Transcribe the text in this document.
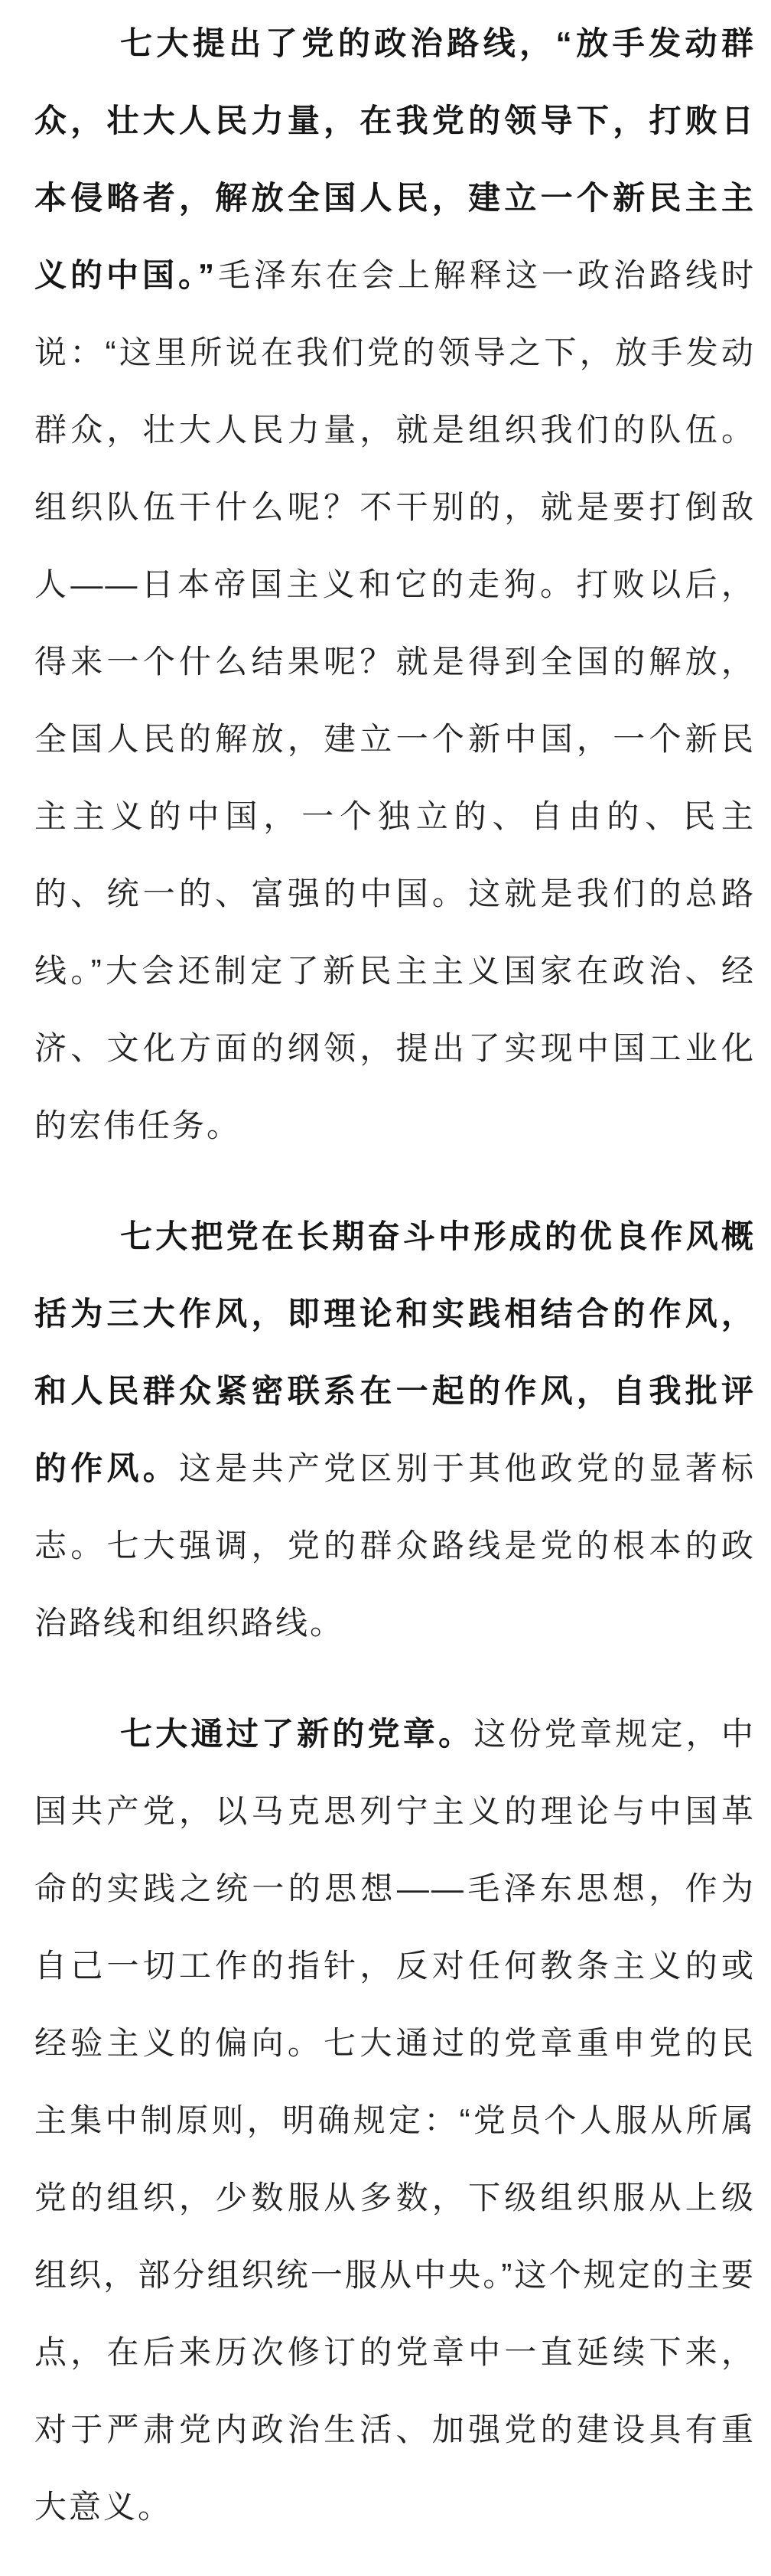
七大提出了党的政治路线，“放手发动群众，壮大人民力量，在我党的领导下，打败日本侵略者，解放全国人民，建立一个新民主主义的中国。”毛泽东在会上解释这一政治路线时说：“这里所说在我们党的领导之下，放手发动群众，壮大人民力量，就是组织我们的队伍。组织队伍干什么呢？不干别的，就是要打倒敌人——日本帝国主义和它的走狗。打败以后，得来一个什么结果呢？就是得到全国的解放，全国人民的解放，建立一个新中国，一个新民主主义的中国，一个独立的、自由的、民主的、统一的、富强的中国。这就是我们的总路线。”大会还制定了新民主主义国家在政治、经济、文化方面的纲领，提出了实现中国工业化的宏伟任务。

七大把党在长期奋斗中形成的优良作风概括为三大作风，即理论和实践相结合的作风，和人民群众紧密联系在一起的作风，自我批评的作风。这是共产党区别于其他政党的显著标志。七大强调，党的群众路线是党的根本的政治路线和组织路线。

七大通过了新的党章。这份党章规定，中国共产党，以马克思列宁主义的理论与中国革命的实践之统一的思想——毛泽东思想，作为自己一切工作的指针，反对任何教条主义的或经验主义的偏向。七大通过的党章重申党的民主集中制原则，明确规定：“党员个人服从所属党的组织，少数服从多数，下级组织服从上级组织，部分组织统一服从中央。”这个规定的主要点，在后来历次修订的党章中一直延续下来，对于严肃党内政治生活、加强党的建设具有重大意义。
